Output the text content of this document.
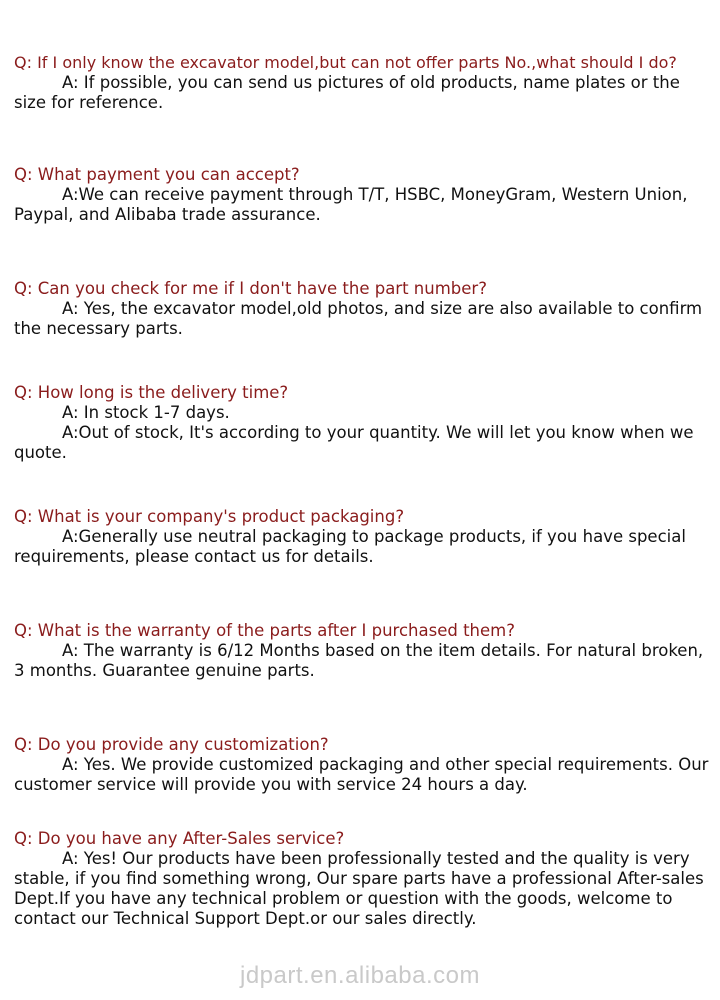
Q: If I only know the excavator model,but can not offer parts No.,what should I do?

A: If possible, you can send us pictures of old products, name plates or the size for reference.

Q: What payment you can accept?

A:We can receive payment through T/T, HSBC, MoneyGram, Western Union, Paypal, and Alibaba trade assurance.

Q: Can you check for me if I don't have the part number?

A: Yes, the excavator model,old photos, and size are also available to confirm the necessary parts.

Q: How long is the delivery time?

A: In stock 1-7 days.

A:Out of stock, It's according to your quantity. We will let you know when we quote.

Q: What is your company's product packaging?

A:Generally use neutral packaging to package products, if you have special requirements, please contact us for details.

Q: What is the warranty of the parts after I purchased them?

A: The warranty is 6/12 Months based on the item details. For natural broken, 3 months. Guarantee genuine parts.

Q: Do you provide any customization?

A: Yes. We provide customized packaging and other special requirements. Our customer service will provide you with service 24 hours a day.

Q: Do you have any After-Sales service?

A: Yes! Our products have been professionally tested and the quality is very stable, if you find something wrong, Our spare parts have a professional After-sales Dept.If you have any technical problem or question with the goods, welcome to contact our Technical Support Dept.or our sales directly.

jdpart.en.alibaba.com
